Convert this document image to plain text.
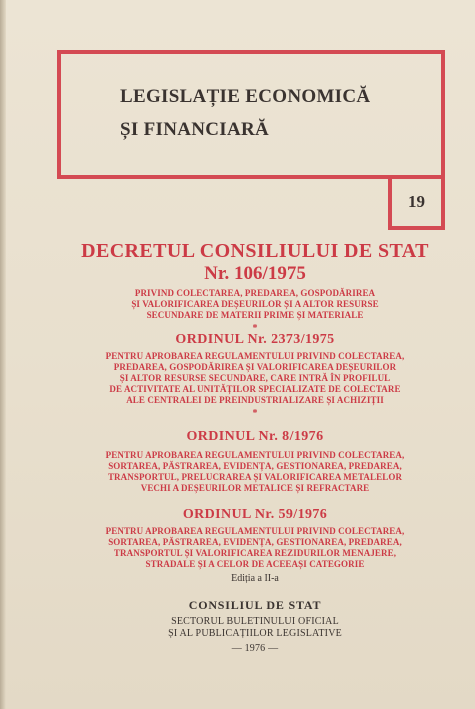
LEGISLAȚIE ECONOMICĂ
ȘI FINANCIARĂ
19
DECRETUL CONSILIULUI DE STAT
Nr. 106/1975
PRIVIND COLECTAREA, PREDAREA, GOSPODĂRIREA
ȘI VALORIFICAREA DEȘEURILOR ȘI A ALTOR RESURSE
SECUNDARE DE MATERII PRIME ȘI MATERIALE
*
ORDINUL Nr. 2373/1975
PENTRU APROBAREA REGULAMENTULUI PRIVIND COLECTAREA,
PREDAREA, GOSPODĂRIREA ȘI VALORIFICAREA DEȘEURILOR
ȘI ALTOR RESURSE SECUNDARE, CARE INTRĂ ÎN PROFILUL
DE ACTIVITATE AL UNITĂȚILOR SPECIALIZATE DE COLECTARE
ALE CENTRALEI DE PREINDUSTRIALIZARE ȘI ACHIZIȚII
*
ORDINUL Nr. 8/1976
PENTRU APROBAREA REGULAMENTULUI PRIVIND COLECTAREA,
SORTAREA, PĂSTRAREA, EVIDENȚA, GESTIONAREA, PREDAREA,
TRANSPORTUL, PRELUCRAREA ȘI VALORIFICAREA METALELOR
VECHI A DEȘEURILOR METALICE ȘI REFRACTARE
ORDINUL Nr. 59/1976
PENTRU APROBAREA REGULAMENTULUI PRIVIND COLECTAREA,
SORTAREA, PĂSTRAREA, EVIDENȚA, GESTIONAREA, PREDAREA,
TRANSPORTUL ȘI VALORIFICAREA REZIDURILOR MENAJERE,
STRADALE ȘI A CELOR DE ACEEAȘI CATEGORIE
Ediția a II-a
CONSILIUL DE STAT
SECTORUL BULETINULUI OFICIAL
ȘI AL PUBLICAȚIILOR LEGISLATIVE
— 1976 —
